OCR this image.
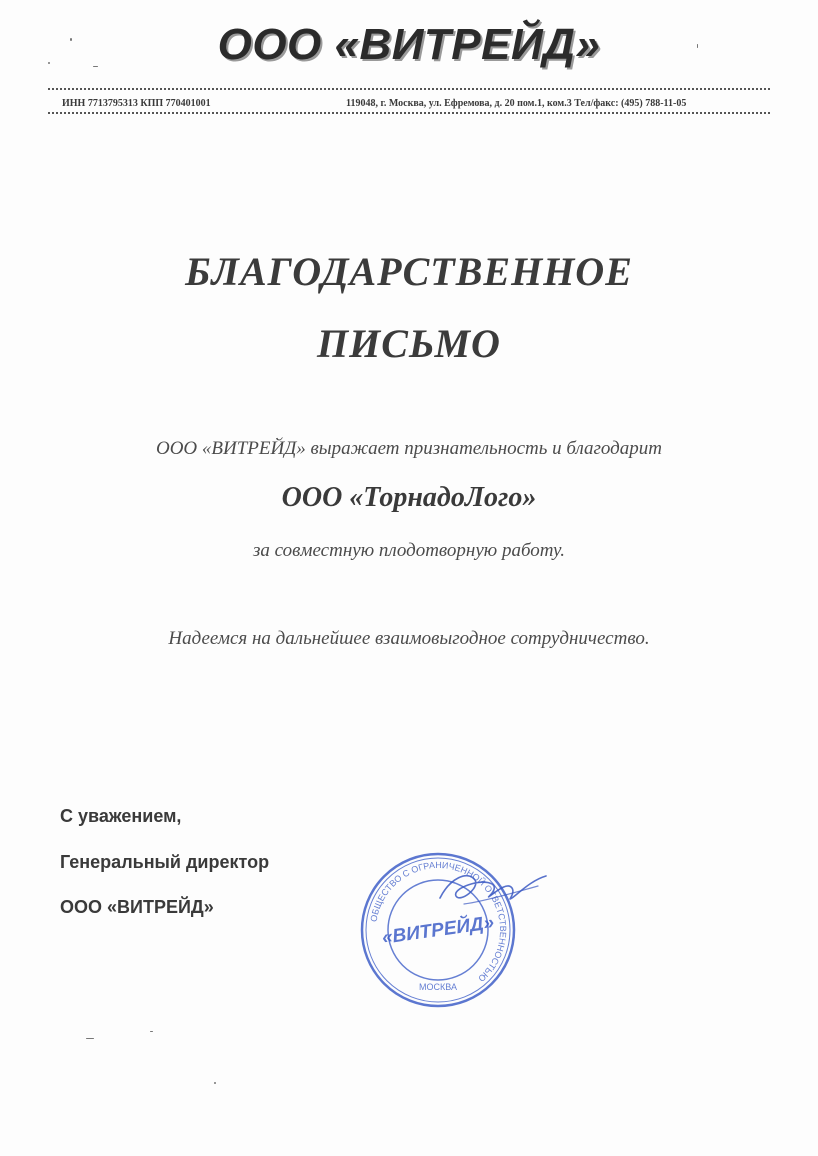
ООО «ВИТРЕЙД»
ИНН 7713795313 КПП 770401001	119048, г. Москва, ул. Ефремова, д. 20 пом.1, ком.3 Тел/факс: (495) 788-11-05
БЛАГОДАРСТВЕННОЕ
ПИСЬМО
ООО «ВИТРЕЙД» выражает признательность и благодарит
ООО «ТорнадоЛого»
за совместную плодотворную работу.
Надеемся на дальнейшее взаимовыгодное сотрудничество.
С уважением,
Генеральный директор
ООО «ВИТРЕЙД»
ОБЩЕСТВО С ОГРАНИЧЕННОЙ ОТВЕТСТВЕННОСТЬЮ
«ВИТРЕЙД»
МОСКВА
